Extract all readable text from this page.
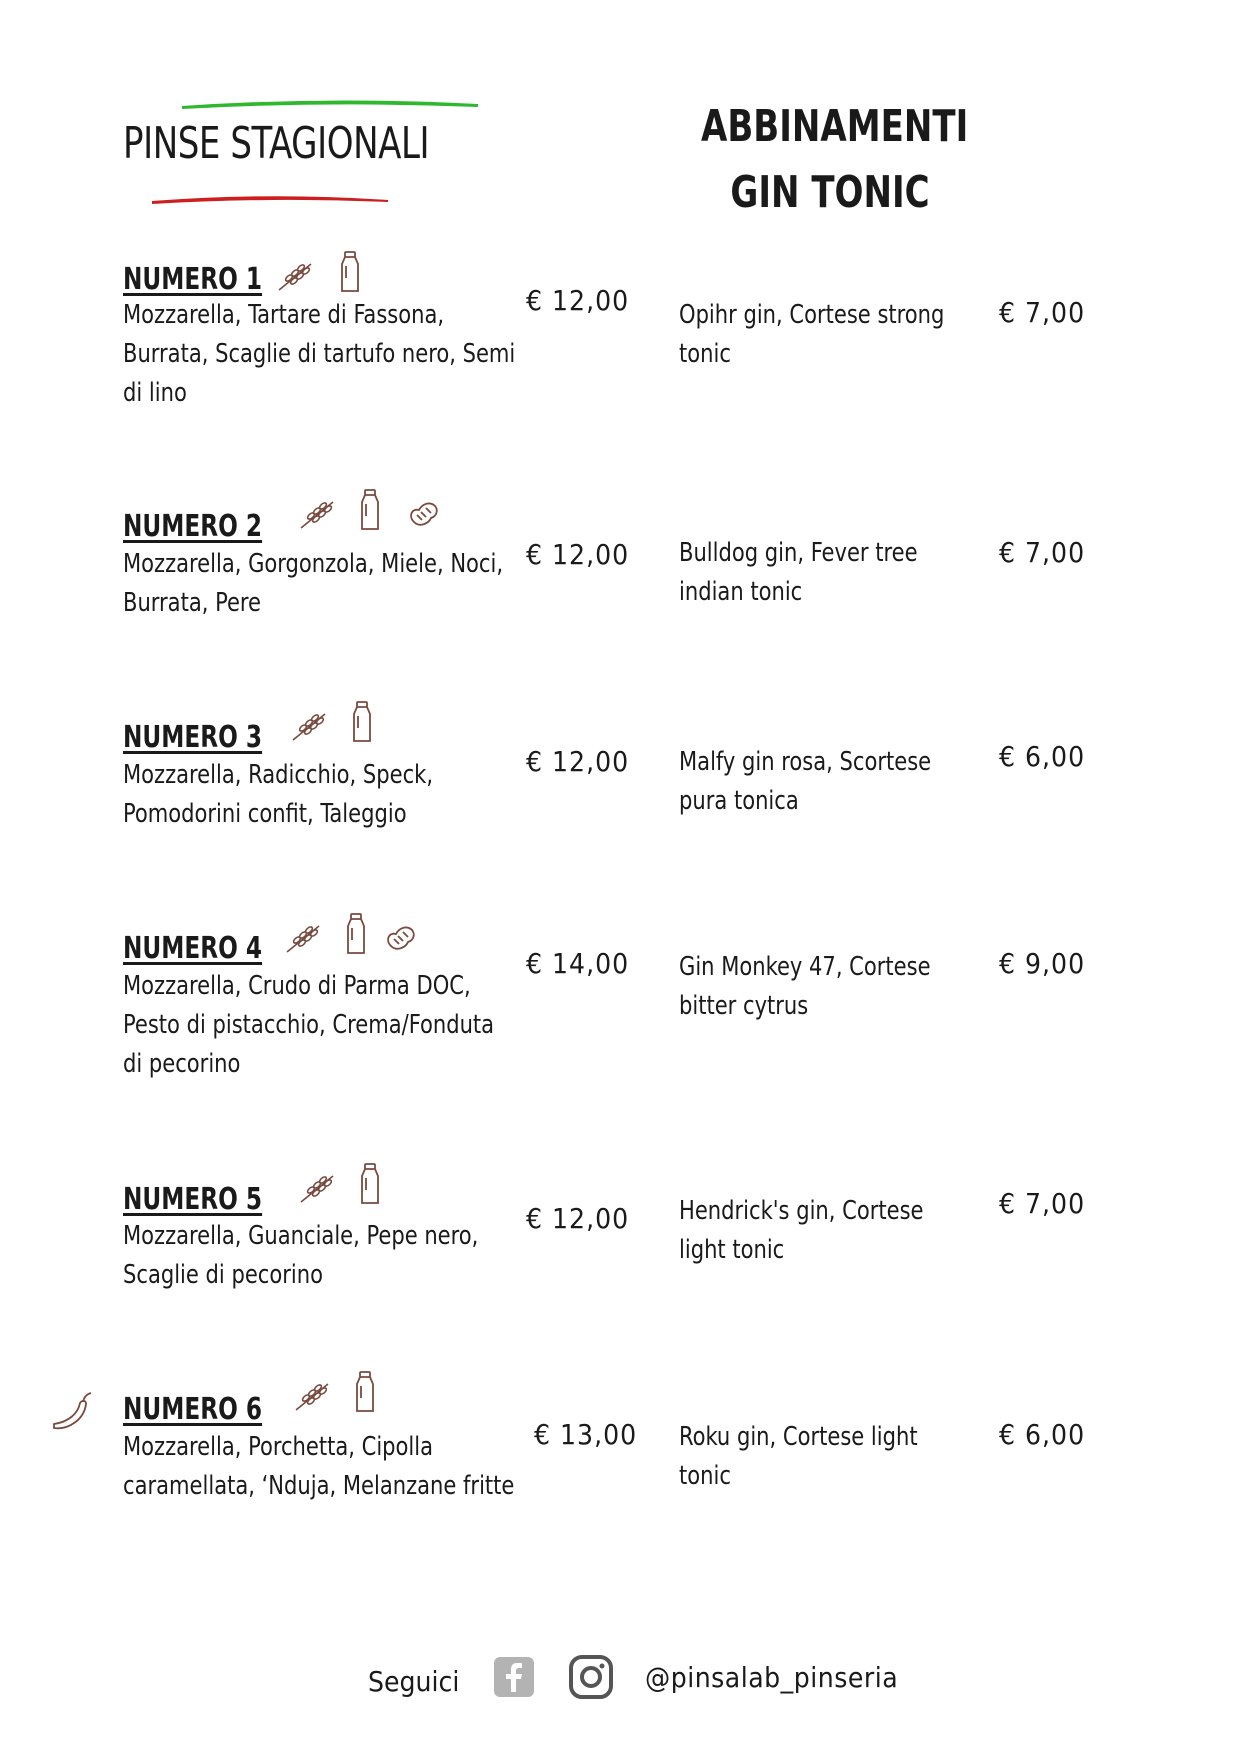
PINSE STAGIONALI	ABBINAMENTI
GIN TONIC
NUMERO 1
Mozzarella, Tartare di Fassona, Burrata, Scaglie di tartufo nero, Semi di lino
€ 12,00 Opihr gin, Cortese strong tonic
€ 7,00
NUMERO 2
Mozzarella, Gorgonzola, Miele, Noci, Burrata, Pere
€ 12,00 Bulldog gin, Fever tree indian tonic
€ 7,00
NUMERO 3
Mozzarella, Radicchio, Speck, Pomodorini confit, Taleggio
€ 12,00 Malfy gin rosa, Scortese pura tonica
€ 6,00
NUMERO 4
Mozzarella, Crudo di Parma DOC, Pesto di pistacchio, Crema/Fonduta di pecorino
€ 14,00 Gin Monkey 47, Cortese bitter cytrus
€ 9,00
NUMERO 5
Mozzarella, Guanciale, Pepe nero, Scaglie di pecorino
€ 12,00 Hendrick's gin, Cortese light tonic
€ 7,00
NUMERO 6
Mozzarella, Porchetta, Cipolla caramellata, ‘Nduja, Melanzane fritte
€ 13,00 Roku gin, Cortese light tonic
€ 6,00
Seguici	@pinsalab_pinseria
